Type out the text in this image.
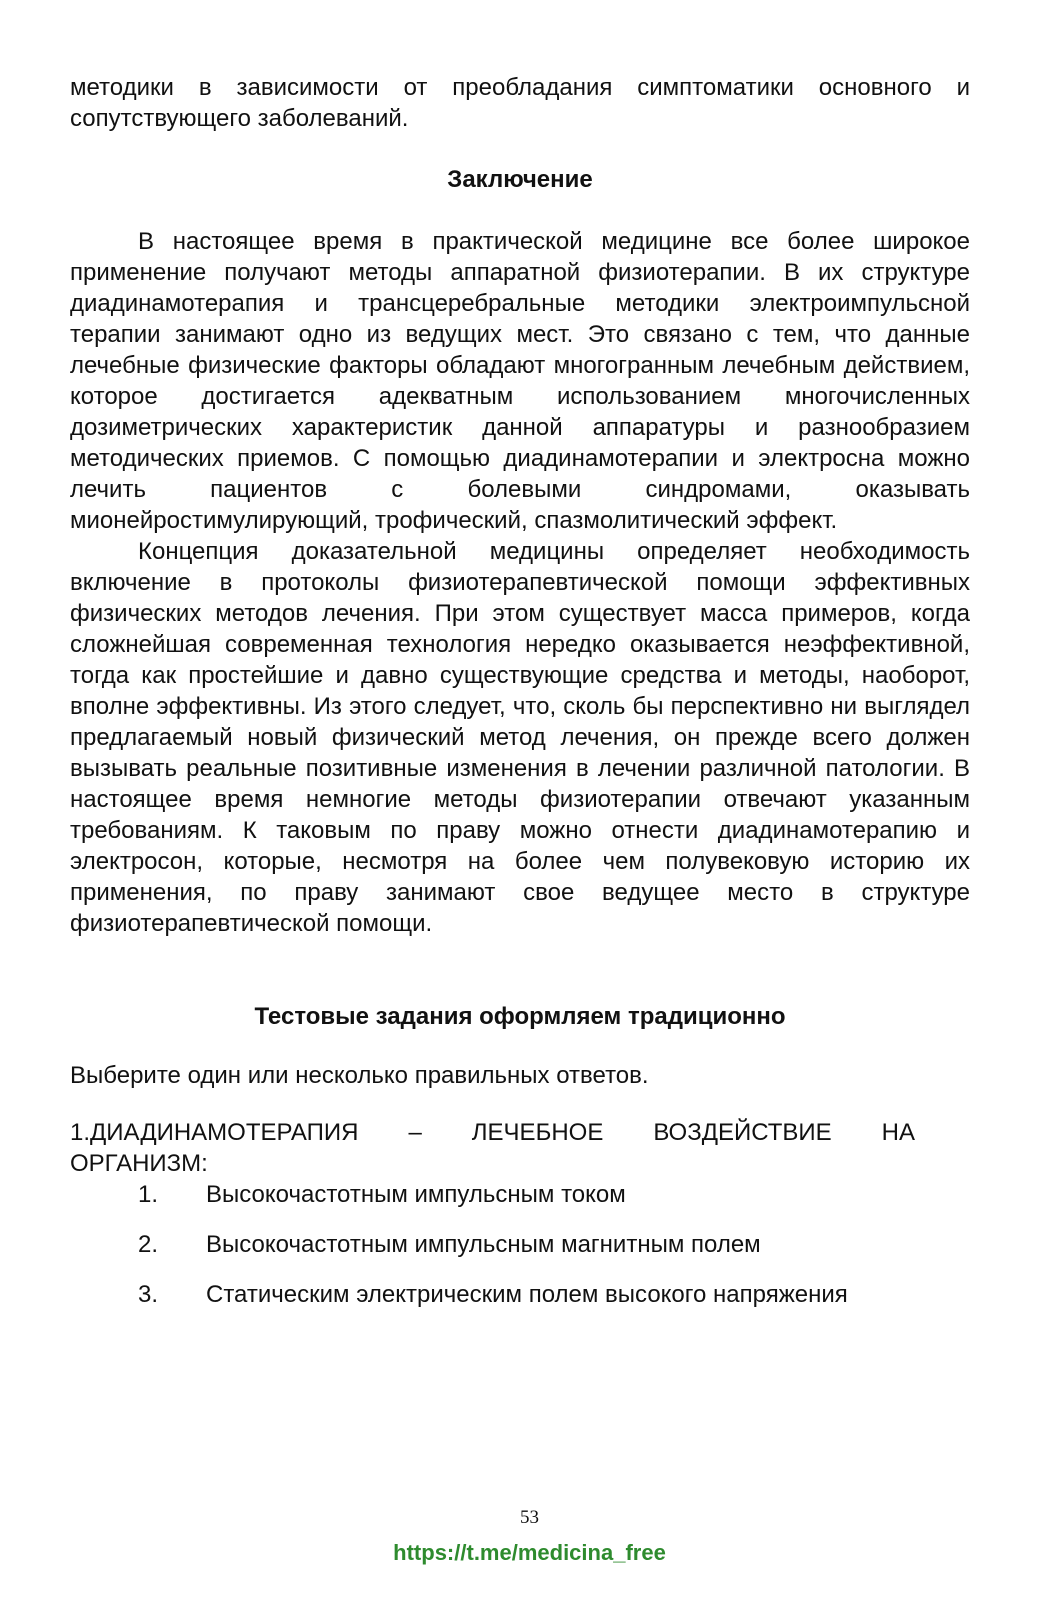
методики в зависимости от преобладания симптоматики основного и сопутствующего заболеваний.

Заключение

В настоящее время в практической медицине все более широкое применение получают методы аппаратной физиотерапии. В их структуре диадинамотерапия и трансцеребральные методики электроимпульсной терапии занимают одно из ведущих мест. Это связано с тем, что данные лечебные физические факторы обладают многогранным лечебным действием, которое достигается адекватным использованием многочисленных дозиметрических характеристик данной аппаратуры и разнообразием методических приемов. С помощью диадинамотерапии и электросна можно лечить пациентов с болевыми синдромами, оказывать мионейростимулирующий, трофический, спазмолитический эффект.

Концепция доказательной медицины определяет необходимость включение в протоколы физиотерапевтической помощи эффективных физических методов лечения. При этом существует масса примеров, когда сложнейшая современная технология нередко оказывается неэффективной, тогда как простейшие и давно существующие средства и методы, наоборот, вполне эффективны. Из этого следует, что, сколь бы перспективно ни выглядел предлагаемый новый физический метод лечения, он прежде всего должен вызывать реальные позитивные изменения в лечении различной патологии. В настоящее время немногие методы физиотерапии отвечают указанным требованиям. К таковым по праву можно отнести диадинамотерапию и электросон, которые, несмотря на более чем полувековую историю их применения, по праву занимают свое ведущее место в структуре физиотерапевтической помощи.

Тестовые задания оформляем традиционно

Выберите один или несколько правильных ответов.

1.ДИАДИНАМОТЕРАПИЯ – ЛЕЧЕБНОЕ ВОЗДЕЙСТВИЕ НА

ОРГАНИЗМ:

1.	Высокочастотным импульсным током
2.	Высокочастотным импульсным магнитным полем
3.	Статическим электрическим полем высокого напряжения
53
https://t.me/medicina_free
